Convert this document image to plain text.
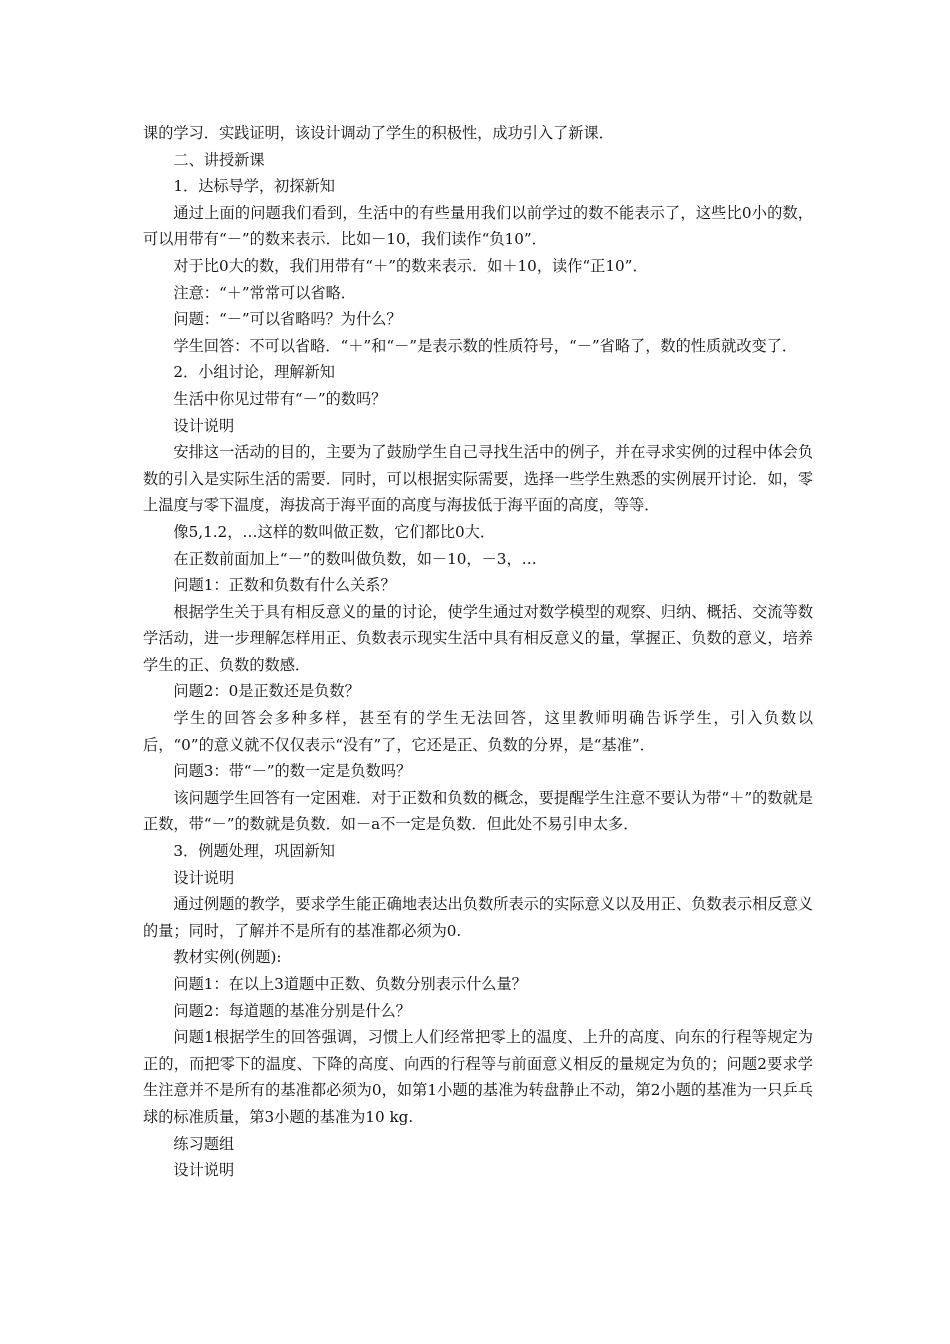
课的学习．实践证明，该设计调动了学生的积极性，成功引入了新课．

二、讲授新课

1．达标导学，初探新知

通过上面的问题我们看到，生活中的有些量用我们以前学过的数不能表示了，这些比0小的数，可以用带有“－”的数来表示．比如－10，我们读作“负10”．

对于比0大的数，我们用带有“＋”的数来表示．如＋10，读作“正10”．

注意：“＋”常常可以省略．

问题：“－”可以省略吗？为什么？

学生回答：不可以省略．“＋”和“－”是表示数的性质符号，“－”省略了，数的性质就改变了．

2．小组讨论，理解新知

生活中你见过带有“－”的数吗？

设计说明

安排这一活动的目的，主要为了鼓励学生自己寻找生活中的例子，并在寻求实例的过程中体会负数的引入是实际生活的需要．同时，可以根据实际需要，选择一些学生熟悉的实例展开讨论．如，零上温度与零下温度，海拔高于海平面的高度与海拔低于海平面的高度，等等．

像5,1.2，…这样的数叫做正数，它们都比0大．

在正数前面加上“－”的数叫做负数，如－10，－3，…

问题1：正数和负数有什么关系？

根据学生关于具有相反意义的量的讨论，使学生通过对数学模型的观察、归纳、概括、交流等数学活动，进一步理解怎样用正、负数表示现实生活中具有相反意义的量，掌握正、负数的意义，培养学生的正、负数的数感．

问题2：0是正数还是负数？

学生的回答会多种多样，甚至有的学生无法回答，这里教师明确告诉学生，引入负数以后，“0”的意义就不仅仅表示“没有”了，它还是正、负数的分界，是“基准”．

问题3：带“－”的数一定是负数吗？

该问题学生回答有一定困难．对于正数和负数的概念，要提醒学生注意不要认为带“＋”的数就是正数，带“－”的数就是负数．如－a不一定是负数．但此处不易引申太多．

3．例题处理，巩固新知

设计说明

通过例题的教学，要求学生能正确地表达出负数所表示的实际意义以及用正、负数表示相反意义的量；同时，了解并不是所有的基准都必须为0.

教材实例(例题):

问题1：在以上3道题中正数、负数分别表示什么量？

问题2：每道题的基准分别是什么？

问题1根据学生的回答强调，习惯上人们经常把零上的温度、上升的高度、向东的行程等规定为正的，而把零下的温度、下降的高度、向西的行程等与前面意义相反的量规定为负的；问题2要求学生注意并不是所有的基准都必须为0，如第1小题的基准为转盘静止不动，第2小题的基准为一只乒乓球的标准质量，第3小题的基准为10 kg.

练习题组

设计说明
